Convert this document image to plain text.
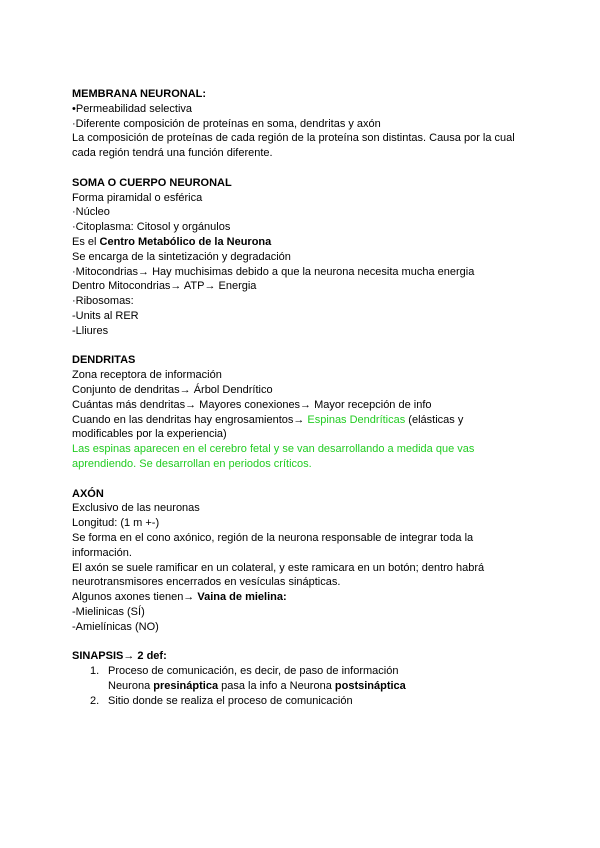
MEMBRANA NEURONAL:
•Permeabilidad selectiva
·Diferente composición de proteínas en soma, dendritas y axón
La composición de proteínas de cada región de la proteína son distintas. Causa por la cual
cada región tendrá una función diferente.
SOMA O CUERPO NEURONAL
Forma piramidal o esférica
·Núcleo
·Citoplasma: Citosol y orgánulos
Es el Centro Metabólico de la Neurona
Se encarga de la sintetización y degradación
·Mitocondrias→ Hay muchisimas debido a que la neurona necesita mucha energia
Dentro Mitocondrias→ ATP→ Energia
·Ribosomas:
-Units al RER
-Lliures
DENDRITAS
Zona receptora de información
Conjunto de dendritas→ Árbol Dendrítico
Cuántas más dendritas→ Mayores conexiones→ Mayor recepción de info
Cuando en las dendritas hay engrosamientos→ Espinas Dendríticas (elásticas y
modificables por la experiencia)
Las espinas aparecen en el cerebro fetal y se van desarrollando a medida que vas
aprendiendo. Se desarrollan en periodos críticos.
AXÓN
Exclusivo de las neuronas
Longitud: (1 m +-)
Se forma en el cono axónico, región de la neurona responsable de integrar toda la
información.
El axón se suele ramificar en un colateral, y este ramicara en un botón; dentro habrá
neurotransmisores encerrados en vesículas sinápticas.
Algunos axones tienen→ Vaina de mielina:
-Mielinicas (SÍ)
-Amielínicas (NO)
SINAPSIS→ 2 def:
1. Proceso de comunicación, es decir, de paso de información
Neurona presináptica pasa la info a Neurona postsináptica
2. Sitio donde se realiza el proceso de comunicación
